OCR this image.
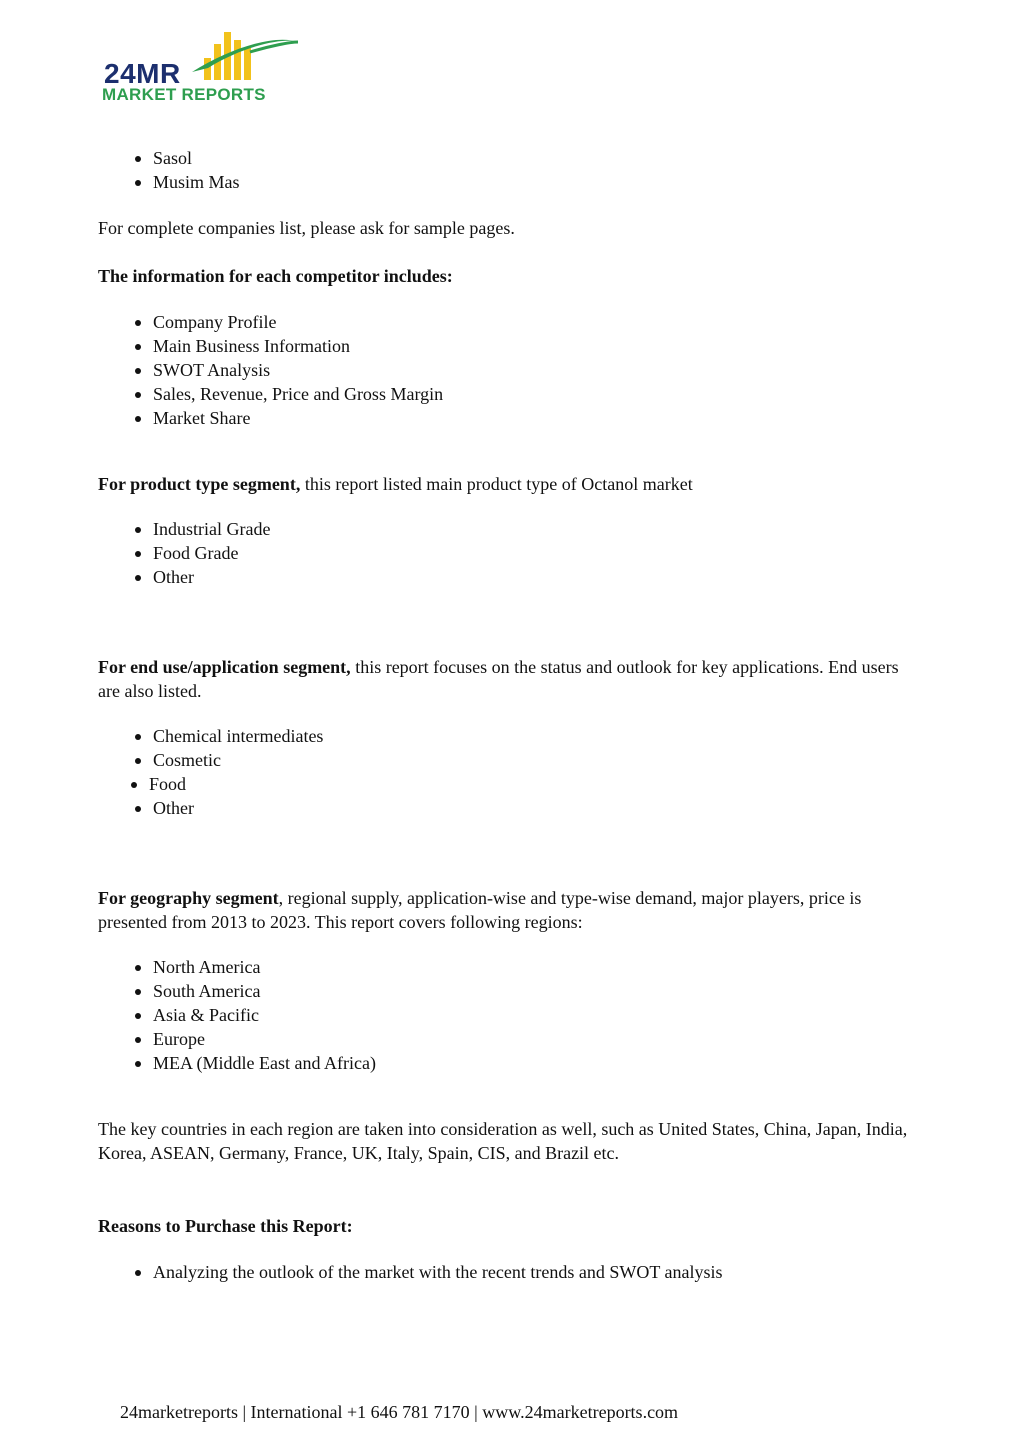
24MR
MARKET REPORTS
Sasol
Musim Mas

For complete companies list, please ask for sample pages.

The information for each competitor includes:

Company Profile
Main Business Information
SWOT Analysis
Sales, Revenue, Price and Gross Margin
Market Share

For product type segment, this report listed main product type of Octanol market

Industrial Grade
Food Grade
Other

For end use/application segment, this report focuses on the status and outlook for key applications. End users are also listed.

Chemical intermediates
Cosmetic
Food
Other

For geography segment, regional supply, application-wise and type-wise demand, major players, price is presented from 2013 to 2023. This report covers following regions:

North America
South America
Asia & Pacific
Europe
MEA (Middle East and Africa)

The key countries in each region are taken into consideration as well, such as United States, China, Japan, India, Korea, ASEAN, Germany, France, UK, Italy, Spain, CIS, and Brazil etc.

Reasons to Purchase this Report:

Analyzing the outlook of the market with the recent trends and SWOT analysis
24marketreports | International +1 646 781 7170 | www.24marketreports.com
